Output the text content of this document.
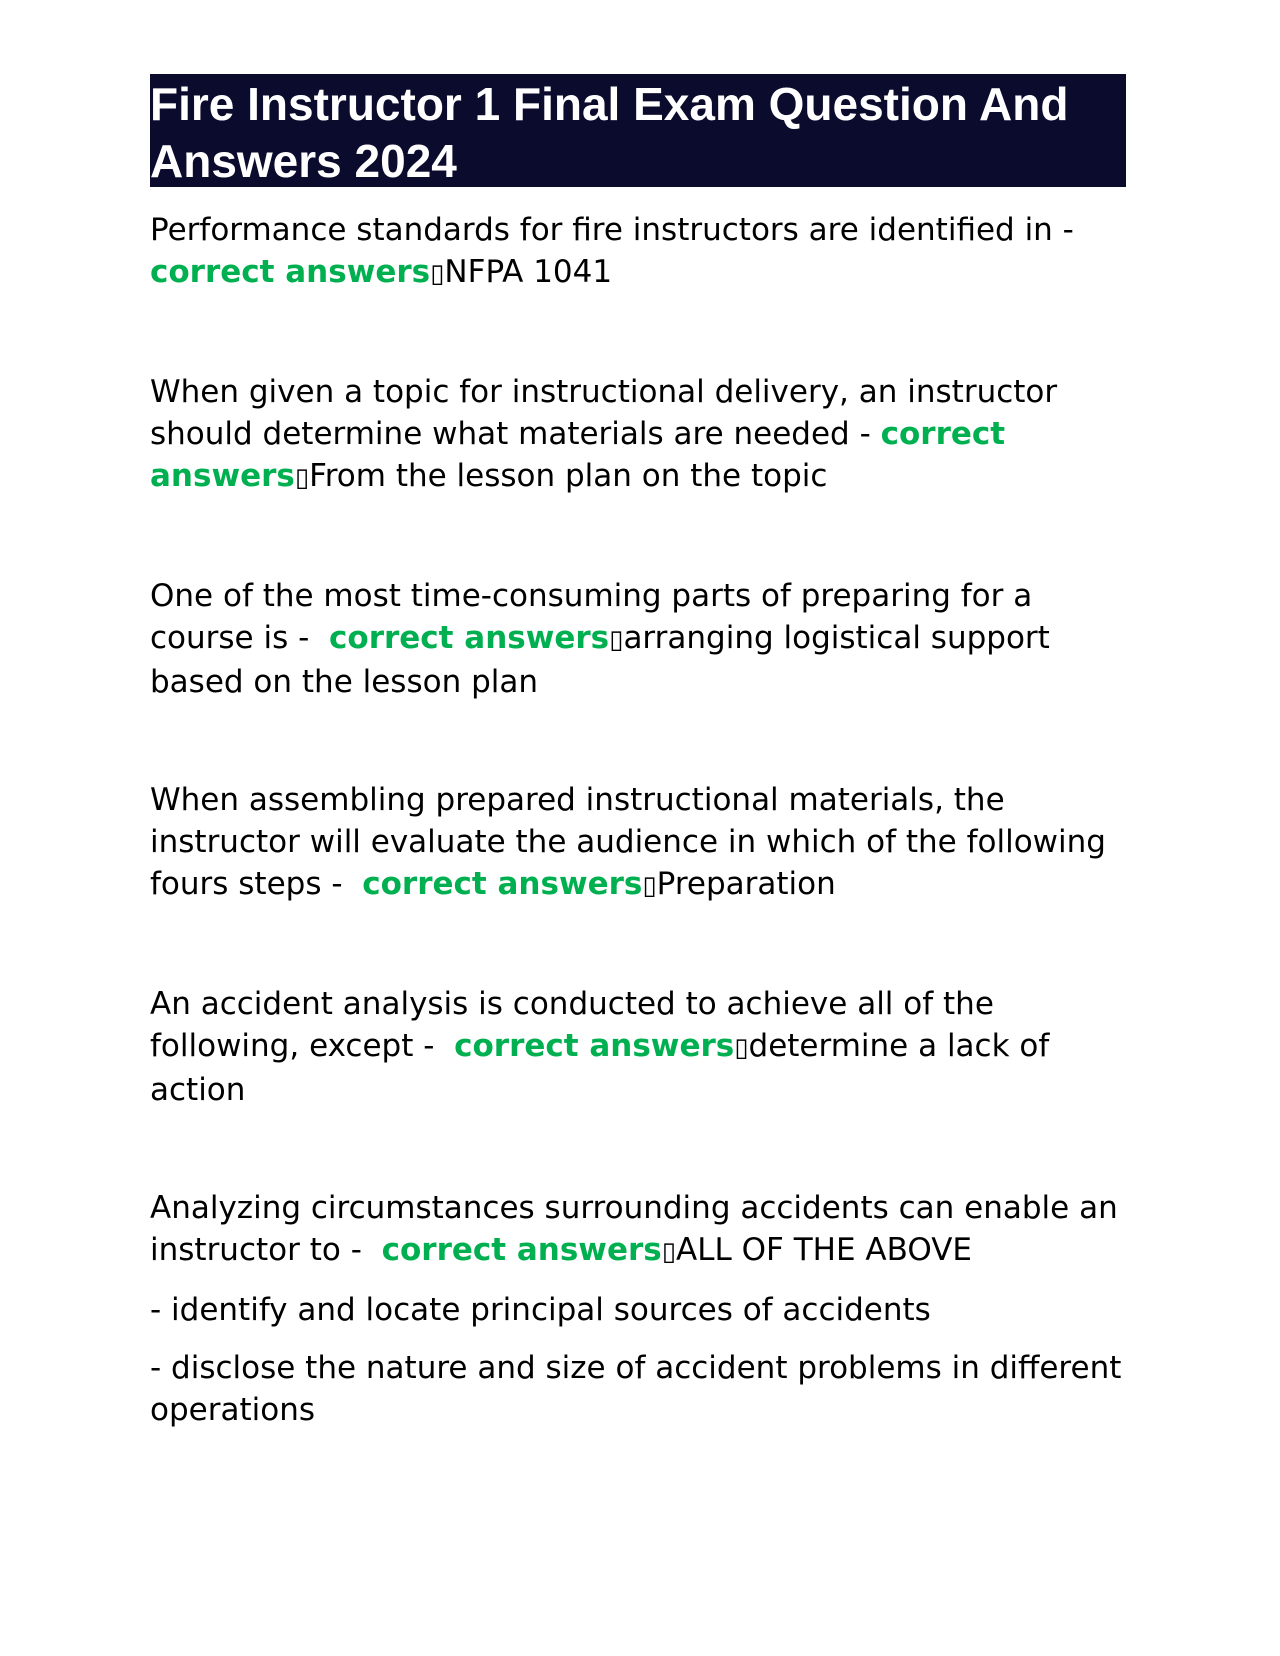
Fire Instructor 1 Final Exam Question And Answers 2024

Performance standards for fire instructors are identified in -  correct answers▯NFPA 1041

When given a topic for instructional delivery, an instructor should determine what materials are needed - correct answers▯From the lesson plan on the topic

One of the most time-consuming parts of preparing for a course is - correct answers▯arranging logistical support based on the lesson plan

When assembling prepared instructional materials, the instructor will evaluate the audience in which of the following fours steps - correct answers▯Preparation

An accident analysis is conducted to achieve all of the following, except - correct answers▯determine a lack of action

Analyzing circumstances surrounding accidents can enable an instructor to - correct answers▯ALL OF THE ABOVE

- identify and locate principal sources of accidents

- disclose the nature and size of accident problems in different operations
